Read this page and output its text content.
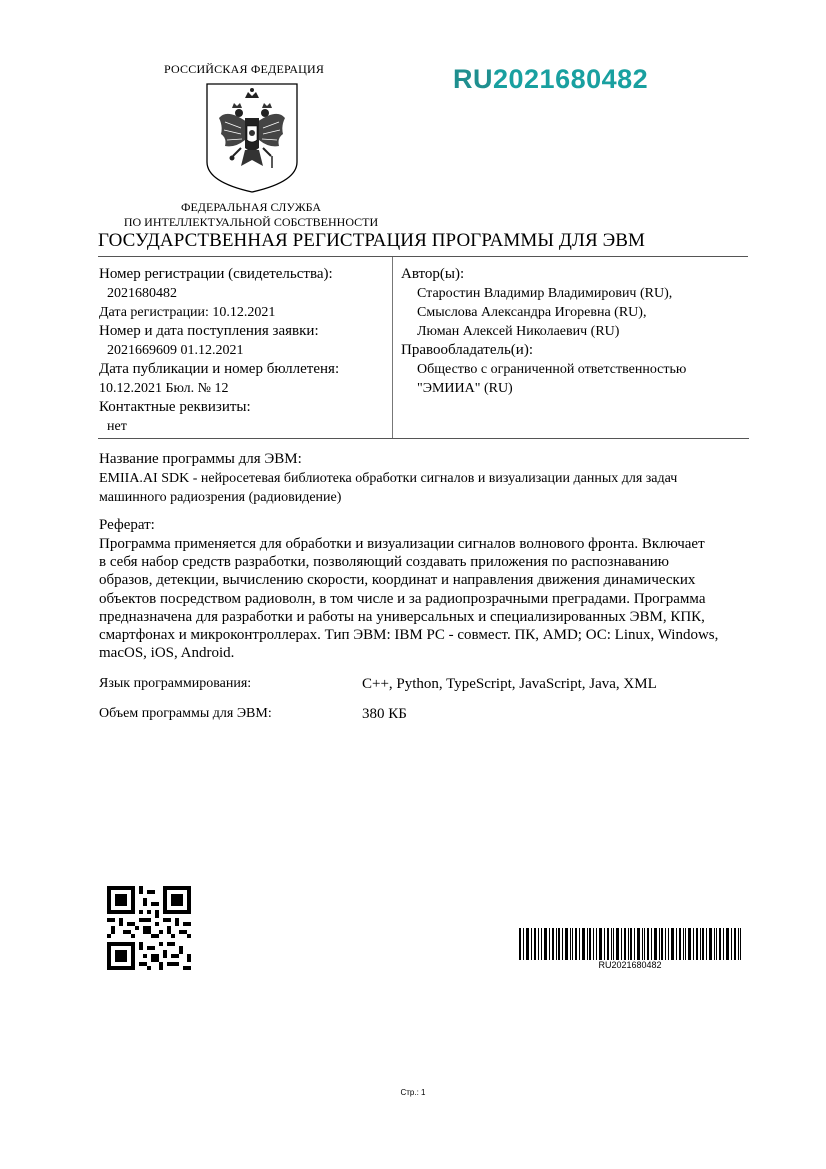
РОССИЙСКАЯ ФЕДЕРАЦИЯ
ФЕДЕРАЛЬНАЯ СЛУЖБА
ПО ИНТЕЛЛЕКТУАЛЬНОЙ СОБСТВЕННОСТИ
RU2021680482
ГОСУДАРСТВЕННАЯ РЕГИСТРАЦИЯ ПРОГРАММЫ ДЛЯ ЭВМ
Номер регистрации (свидетельства):
2021680482
Дата регистрации: 10.12.2021
Номер и дата поступления заявки:
2021669609 01.12.2021
Дата публикации и номер бюллетеня:
10.12.2021 Бюл. № 12
Контактные реквизиты:
нет
Автор(ы):
Старостин Владимир Владимирович (RU),
Смыслова Александра Игоревна (RU),
Люман Алексей Николаевич (RU)
Правообладатель(и):
Общество с ограниченной ответственностью
"ЭМИИА" (RU)
Название программы для ЭВМ:
EMIIA.AI SDK - нейросетевая библиотека обработки сигналов и визуализации данных для задач
машинного радиозрения (радиовидение)
Реферат:

Программа применяется для обработки и визуализации сигналов волнового фронта. Включает

в себя набор средств разработки, позволяющий создавать приложения по распознаванию

образов, детекции, вычислению скорости, координат и направления движения динамических

объектов посредством радиоволн, в том числе и за радиопрозрачными преградами. Программа

предназначена для разработки и работы на универсальных и специализированных ЭВМ, КПК,

смартфонах и микроконтроллерах. Тип ЭВМ: IBM PC - совмест. ПК, AMD; ОС: Linux, Windows,

macOS, iOS, Android.

Язык программирования:	C++, Python, TypeScript, JavaScript, Java, XML
Объем программы для ЭВМ:	380 КБ
RU2021680482
Стр.: 1
